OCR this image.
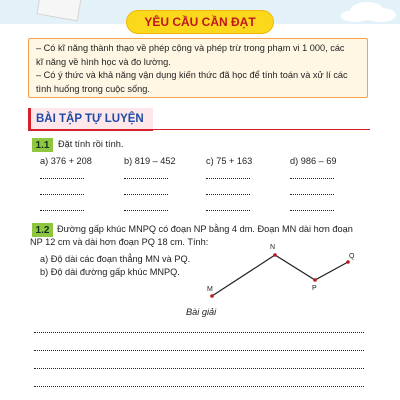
YÊU CẦU CẦN ĐẠT

– Có kĩ năng thành thạo về phép cộng và phép trừ trong phạm vi 1 000, các

kĩ năng về hình học và đo lường.

– Có ý thức và khả năng vận dụng kiến thức đã học để tính toán và xử lí các

tình huống trong cuộc sống.

BÀI TẬP TỰ LUYỆN
1.1 Đặt tính rồi tính.
a) 376 + 208	b) 819 – 452	c) 75 + 163	d) 986 – 69
1.2 Đường gấp khúc MNPQ có đoạn NP bằng 4 dm. Đoạn MN dài hơn đoạn
NP 12 cm và dài hơn đoạn PQ 18 cm. Tính:
a) Độ dài các đoạn thẳng MN và PQ.
b) Độ dài đường gấp khúc MNPQ.
M
N
P
Q
Bài giải
